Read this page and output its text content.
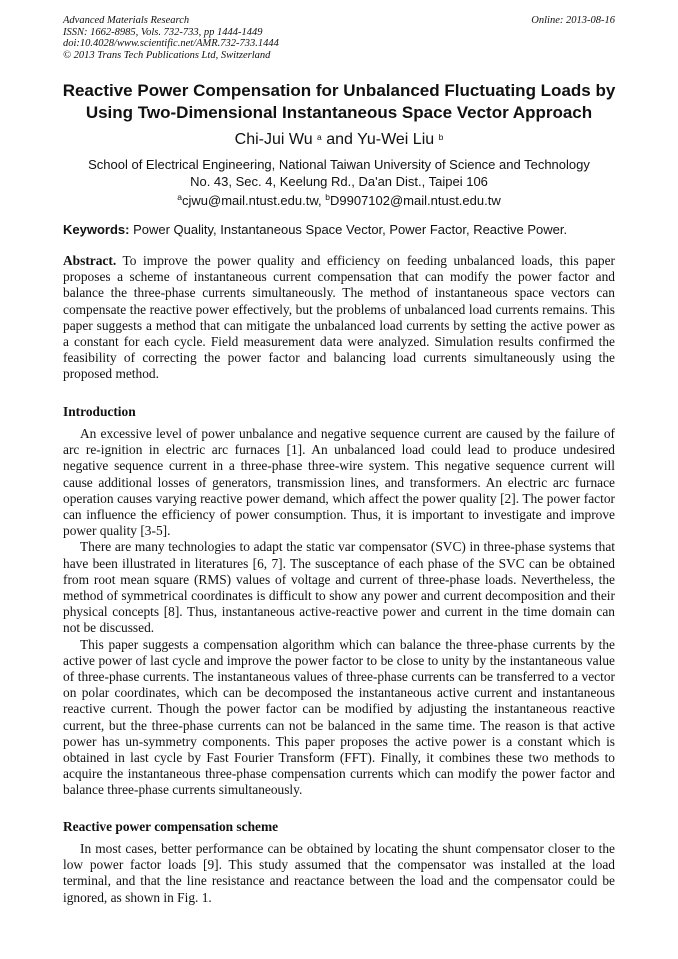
Advanced Materials Research
ISSN: 1662-8985, Vols. 732-733, pp 1444-1449
doi:10.4028/www.scientific.net/AMR.732-733.1444
© 2013 Trans Tech Publications Ltd, Switzerland
Online: 2013-08-16
Reactive Power Compensation for Unbalanced Fluctuating Loads by
Using Two-Dimensional Instantaneous Space Vector Approach
Chi-Jui Wu $^a$ and Yu-Wei Liu $^b$
School of Electrical Engineering, National Taiwan University of Science and Technology
No. 43, Sec. 4, Keelung Rd., Da'an Dist., Taipei 106
$^a$cjwu@mail.ntust.edu.tw, $^b$D9907102@mail.ntust.edu.tw
Keywords: Power Quality, Instantaneous Space Vector, Power Factor, Reactive Power.

Abstract. To improve the power quality and efficiency on feeding unbalanced loads, this paper proposes a scheme of instantaneous current compensation that can modify the power factor and balance the three-phase currents simultaneously. The method of instantaneous space vectors can compensate the reactive power effectively, but the problems of unbalanced load currents remains. This paper suggests a method that can mitigate the unbalanced load currents by setting the active power as a constant for each cycle. Field measurement data were analyzed. Simulation results confirmed the feasibility of correcting the power factor and balancing load currents simultaneously using the proposed method.

Introduction

An excessive level of power unbalance and negative sequence current are caused by the failure of arc re-ignition in electric arc furnaces [1]. An unbalanced load could lead to produce undesired negative sequence current in a three-phase three-wire system. This negative sequence current will cause additional losses of generators, transmission lines, and transformers. An electric arc furnace operation causes varying reactive power demand, which affect the power quality [2]. The power factor can influence the efficiency of power consumption. Thus, it is important to investigate and improve power quality [3-5].

There are many technologies to adapt the static var compensator (SVC) in three-phase systems that have been illustrated in literatures [6, 7]. The susceptance of each phase of the SVC can be obtained from root mean square (RMS) values of voltage and current of three-phase loads. Nevertheless, the method of symmetrical coordinates is difficult to show any power and current decomposition and their physical concepts [8]. Thus, instantaneous active-reactive power and current in the time domain can not be discussed.

This paper suggests a compensation algorithm which can balance the three-phase currents by the active power of last cycle and improve the power factor to be close to unity by the instantaneous value of three-phase currents. The instantaneous values of three-phase currents can be transferred to a vector on polar coordinates, which can be decomposed the instantaneous active current and instantaneous reactive current. Though the power factor can be modified by adjusting the instantaneous reactive current, but the three-phase currents can not be balanced in the same time. The reason is that active power has un-symmetry components. This paper proposes the active power is a constant which is obtained in last cycle by Fast Fourier Transform (FFT). Finally, it combines these two methods to acquire the instantaneous three-phase compensation currents which can modify the power factor and balance three-phase currents simultaneously.

Reactive power compensation scheme

In most cases, better performance can be obtained by locating the shunt compensator closer to the low power factor loads [9]. This study assumed that the compensator was installed at the load terminal, and that the line resistance and reactance between the load and the compensator could be ignored, as shown in Fig. 1.
